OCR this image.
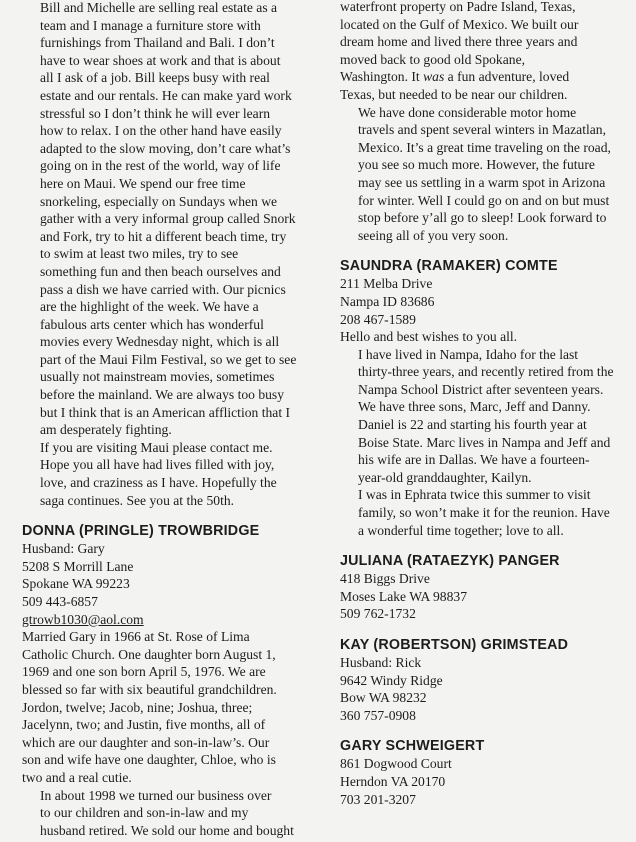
Bill and Michelle are selling real estate as a
team and I manage a furniture store with
furnishings from Thailand and Bali. I don’t
have to wear shoes at work and that is about
all I ask of a job. Bill keeps busy with real
estate and our rentals. He can make yard work
stressful so I don’t think he will ever learn
how to relax. I on the other hand have easily
adapted to the slow moving, don’t care what’s
going on in the rest of the world, way of life
here on Maui. We spend our free time
snorkeling, especially on Sundays when we
gather with a very informal group called Snork
and Fork, try to hit a different beach time, try
to swim at least two miles, try to see
something fun and then beach ourselves and
pass a dish we have carried with. Our picnics
are the highlight of the week. We have a
fabulous arts center which has wonderful
movies every Wednesday night, which is all
part of the Maui Film Festival, so we get to see
usually not mainstream movies, sometimes
before the mainland. We are always too busy
but I think that is an American affliction that I
am desperately fighting.

If you are visiting Maui please contact me.

Hope you all have had lives filled with joy,
love, and craziness as I have. Hopefully the
saga continues. See you at the 50th.

DONNA (PRINGLE) TROWBRIDGE
Husband: Gary
5208 S Morrill Lane
Spokane WA 99223
509 443-6857
gtrowb1030@aol.com

Married Gary in 1966 at St. Rose of Lima
Catholic Church. One daughter born August 1,
1969 and one son born April 5, 1976. We are
blessed so far with six beautiful grandchildren.
Jordon, twelve; Jacob, nine; Joshua, three;
Jacelynn, two; and Justin, five months, all of
which are our daughter and son-in-law’s. Our
son and wife have one daughter, Chloe, who is
two and a real cutie.

In about 1998 we turned our business over
to our children and son-in-law and my
husband retired. We sold our home and bought

waterfront property on Padre Island, Texas,
located on the Gulf of Mexico. We built our
dream home and lived there three years and
moved back to good old Spokane,
Washington. It was a fun adventure, loved
Texas, but needed to be near our children.

We have done considerable motor home
travels and spent several winters in Mazatlan,
Mexico. It’s a great time traveling on the road,
you see so much more. However, the future
may see us settling in a warm spot in Arizona
for winter. Well I could go on and on but must
stop before y’all go to sleep! Look forward to
seeing all of you very soon.

SAUNDRA (RAMAKER) COMTE
211 Melba Drive
Nampa ID 83686
208 467-1589
Hello and best wishes to you all.

I have lived in Nampa, Idaho for the last
thirty-three years, and recently retired from the
Nampa School District after seventeen years.

We have three sons, Marc, Jeff and Danny.
Daniel is 22 and starting his fourth year at
Boise State. Marc lives in Nampa and Jeff and
his wife are in Dallas. We have a fourteen-
year-old granddaughter, Kailyn.

I was in Ephrata twice this summer to visit
family, so won’t make it for the reunion. Have
a wonderful time together; love to all.

JULIANA (RATAEZYK) PANGER
418 Biggs Drive
Moses Lake WA 98837
509 762-1732
KAY (ROBERTSON) GRIMSTEAD
Husband: Rick
9642 Windy Ridge
Bow WA 98232
360 757-0908
GARY SCHWEIGERT
861 Dogwood Court
Herndon VA 20170
703 201-3207
